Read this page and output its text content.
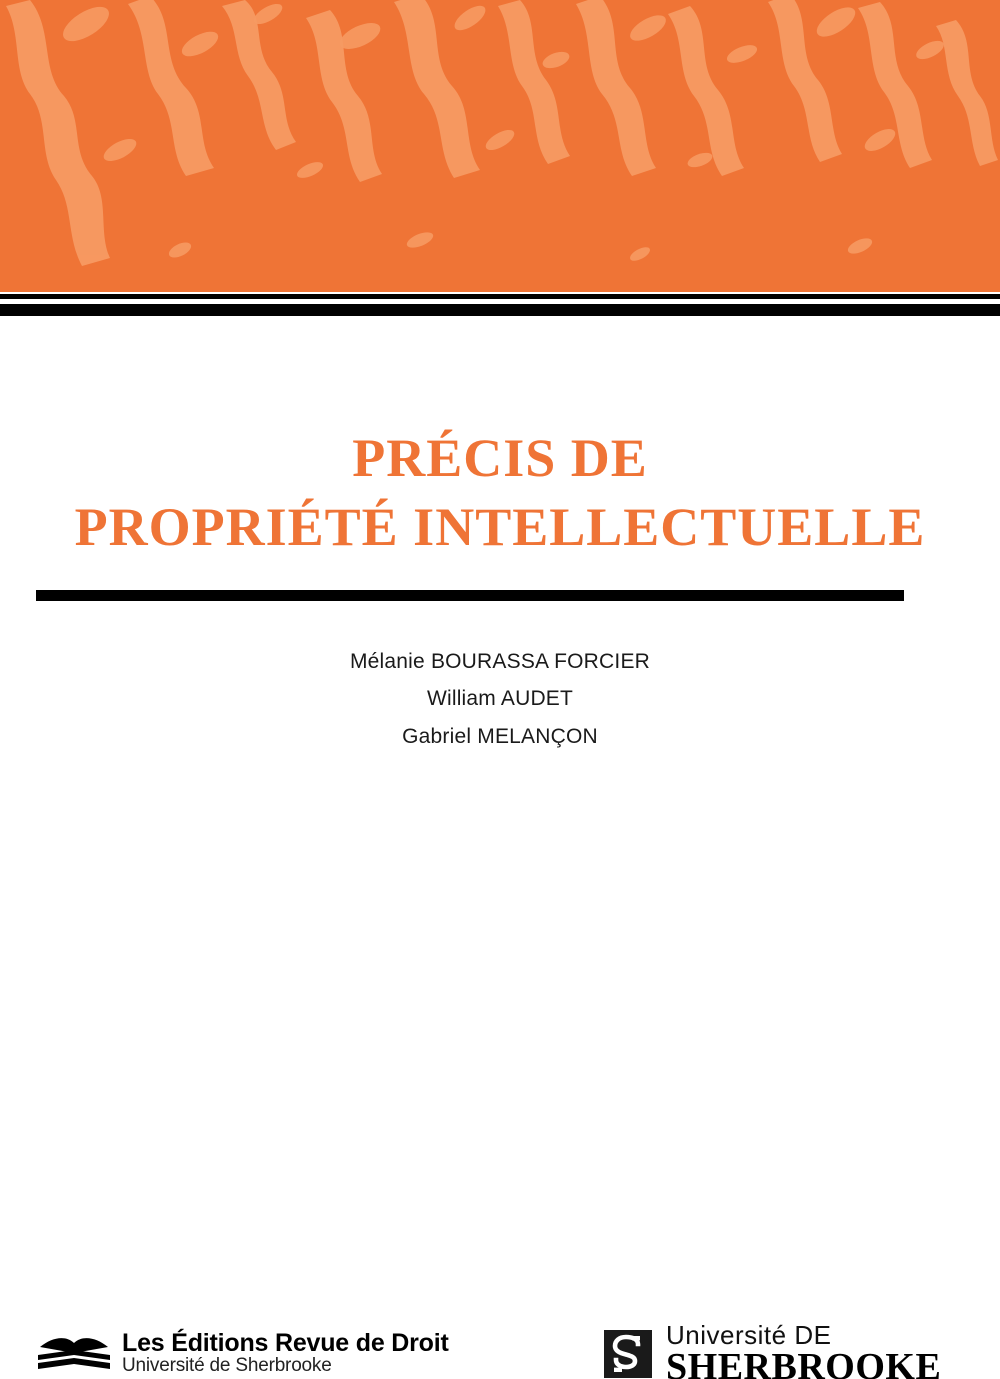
PRÉCIS DE
PROPRIÉTÉ INTELLECTUELLE
Mélanie BOURASSA FORCIER
William AUDET
Gabriel MELANÇON
Les Éditions Revue de Droit
Université de Sherbrooke
Université DE
SHERBROOKE
